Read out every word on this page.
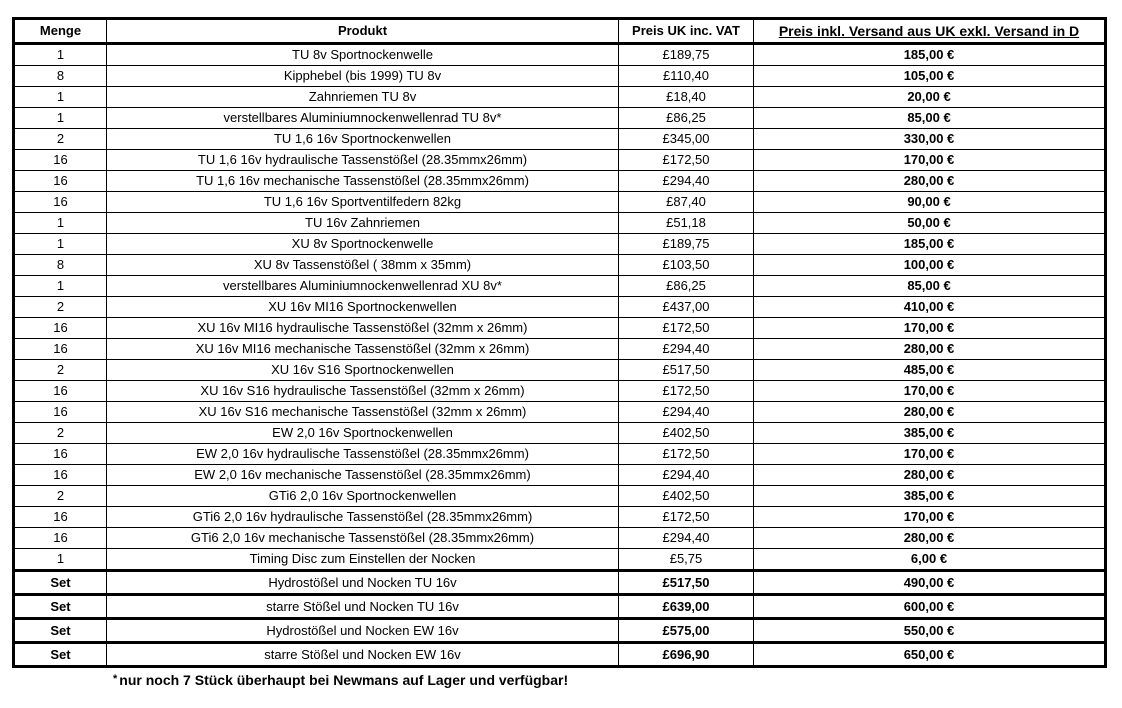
Menge	Produkt	Preis UK inc. VAT	Preis inkl. Versand aus UK exkl. Versand in D
1	TU 8v Sportnockenwelle	£189,75	185,00 €
8	Kipphebel (bis 1999) TU 8v	£110,40	105,00 €
1	Zahnriemen TU 8v	£18,40	20,00 €
1	verstellbares Aluminiumnockenwellenrad TU 8v*	£86,25	85,00 €
2	TU 1,6 16v Sportnockenwellen	£345,00	330,00 €
16	TU 1,6 16v hydraulische Tassenstößel (28.35mmx26mm)	£172,50	170,00 €
16	TU 1,6 16v mechanische Tassenstößel (28.35mmx26mm)	£294,40	280,00 €
16	TU 1,6 16v Sportventilfedern 82kg	£87,40	90,00 €
1	TU 16v Zahnriemen	£51,18	50,00 €
1	XU 8v Sportnockenwelle	£189,75	185,00 €
8	XU 8v Tassenstößel ( 38mm x 35mm)	£103,50	100,00 €
1	verstellbares Aluminiumnockenwellenrad XU 8v*	£86,25	85,00 €
2	XU 16v MI16 Sportnockenwellen	£437,00	410,00 €
16	XU 16v MI16 hydraulische Tassenstößel (32mm x 26mm)	£172,50	170,00 €
16	XU 16v MI16 mechanische Tassenstößel (32mm x 26mm)	£294,40	280,00 €
2	XU 16v S16 Sportnockenwellen	£517,50	485,00 €
16	XU 16v S16 hydraulische Tassenstößel (32mm x 26mm)	£172,50	170,00 €
16	XU 16v S16 mechanische Tassenstößel (32mm x 26mm)	£294,40	280,00 €
2	EW 2,0 16v Sportnockenwellen	£402,50	385,00 €
16	EW 2,0 16v hydraulische Tassenstößel (28.35mmx26mm)	£172,50	170,00 €
16	EW 2,0 16v mechanische Tassenstößel (28.35mmx26mm)	£294,40	280,00 €
2	GTi6 2,0 16v Sportnockenwellen	£402,50	385,00 €
16	GTi6 2,0 16v hydraulische Tassenstößel (28.35mmx26mm)	£172,50	170,00 €
16	GTi6 2,0 16v mechanische Tassenstößel (28.35mmx26mm)	£294,40	280,00 €
1	Timing Disc zum Einstellen der Nocken	£5,75	6,00 €
Set	Hydrostößel und Nocken TU 16v	£517,50	490,00 €
Set	starre Stößel und Nocken TU 16v	£639,00	600,00 €
Set	Hydrostößel und Nocken EW 16v	£575,00	550,00 €
Set	starre Stößel und Nocken EW 16v	£696,90	650,00 €
* nur noch 7 Stück überhaupt bei Newmans auf Lager und verfügbar!
